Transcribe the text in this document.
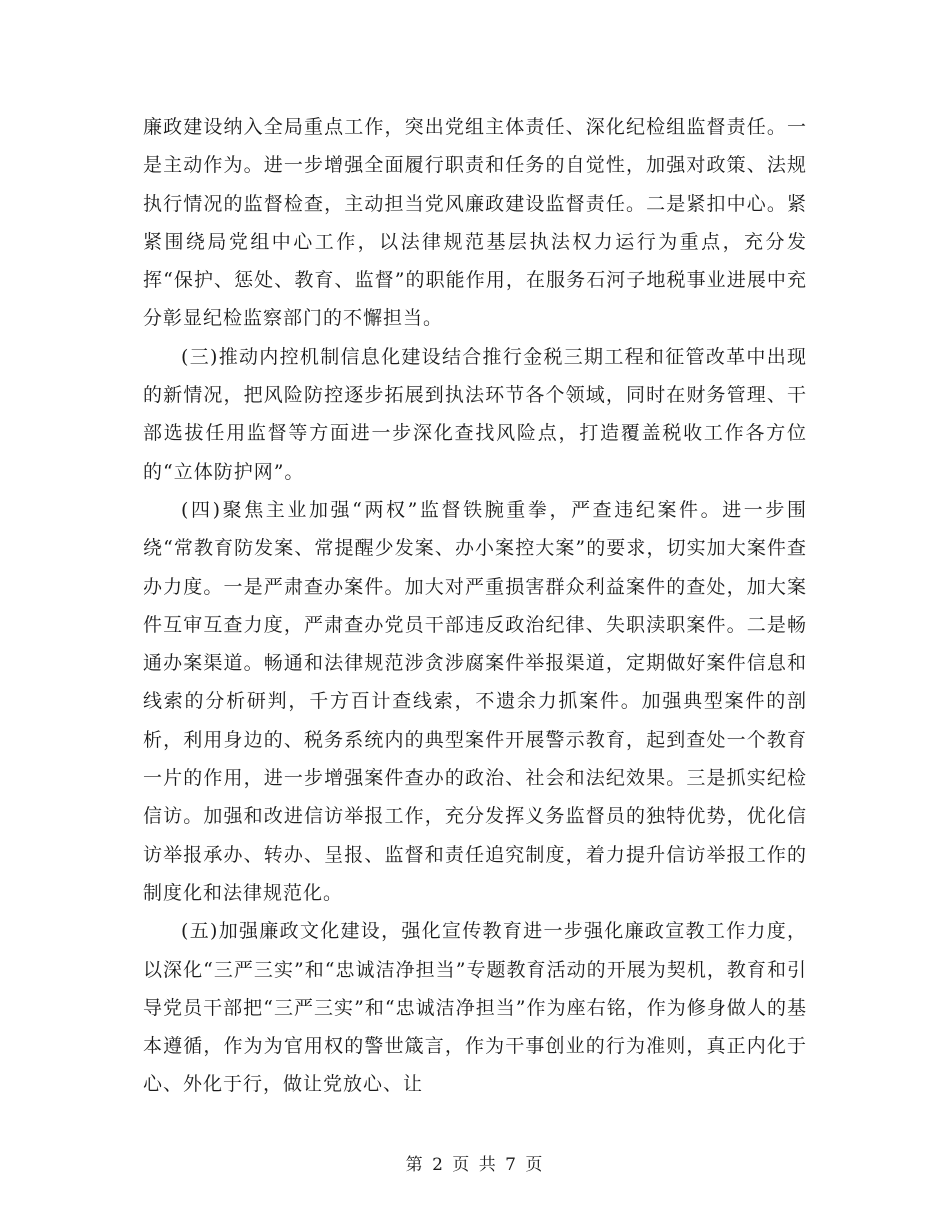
廉政建设纳入全局重点工作，突出党组主体责任、深化纪检组监督责任。一是主动作为。进一步增强全面履行职责和任务的自觉性，加强对政策、法规执行情况的监督检查，主动担当党风廉政建设监督责任。二是紧扣中心。紧紧围绕局党组中心工作，以法律规范基层执法权力运行为重点，充分发挥“保护、惩处、教育、监督”的职能作用，在服务石河子地税事业进展中充分彰显纪检监察部门的不懈担当。

(三)推动内控机制信息化建设结合推行金税三期工程和征管改革中出现的新情况，把风险防控逐步拓展到执法环节各个领域，同时在财务管理、干部选拔任用监督等方面进一步深化查找风险点，打造覆盖税收工作各方位的“立体防护网”。

(四)聚焦主业加强“两权”监督铁腕重拳，严查违纪案件。进一步围绕“常教育防发案、常提醒少发案、办小案控大案”的要求，切实加大案件查办力度。一是严肃查办案件。加大对严重损害群众利益案件的查处，加大案件互审互查力度，严肃查办党员干部违反政治纪律、失职渎职案件。二是畅通办案渠道。畅通和法律规范涉贪涉腐案件举报渠道，定期做好案件信息和线索的分析研判，千方百计查线索，不遗余力抓案件。加强典型案件的剖析，利用身边的、税务系统内的典型案件开展警示教育，起到查处一个教育一片的作用，进一步增强案件查办的政治、社会和法纪效果。三是抓实纪检信访。加强和改进信访举报工作，充分发挥义务监督员的独特优势，优化信访举报承办、转办、呈报、监督和责任追究制度，着力提升信访举报工作的制度化和法律规范化。

(五)加强廉政文化建设，强化宣传教育进一步强化廉政宣教工作力度，以深化“三严三实”和“忠诚洁净担当”专题教育活动的开展为契机，教育和引导党员干部把“三严三实”和“忠诚洁净担当”作为座右铭，作为修身做人的基本遵循，作为为官用权的警世箴言，作为干事创业的行为准则，真正内化于心、外化于行，做让党放心、让

第 2 页 共 7 页
